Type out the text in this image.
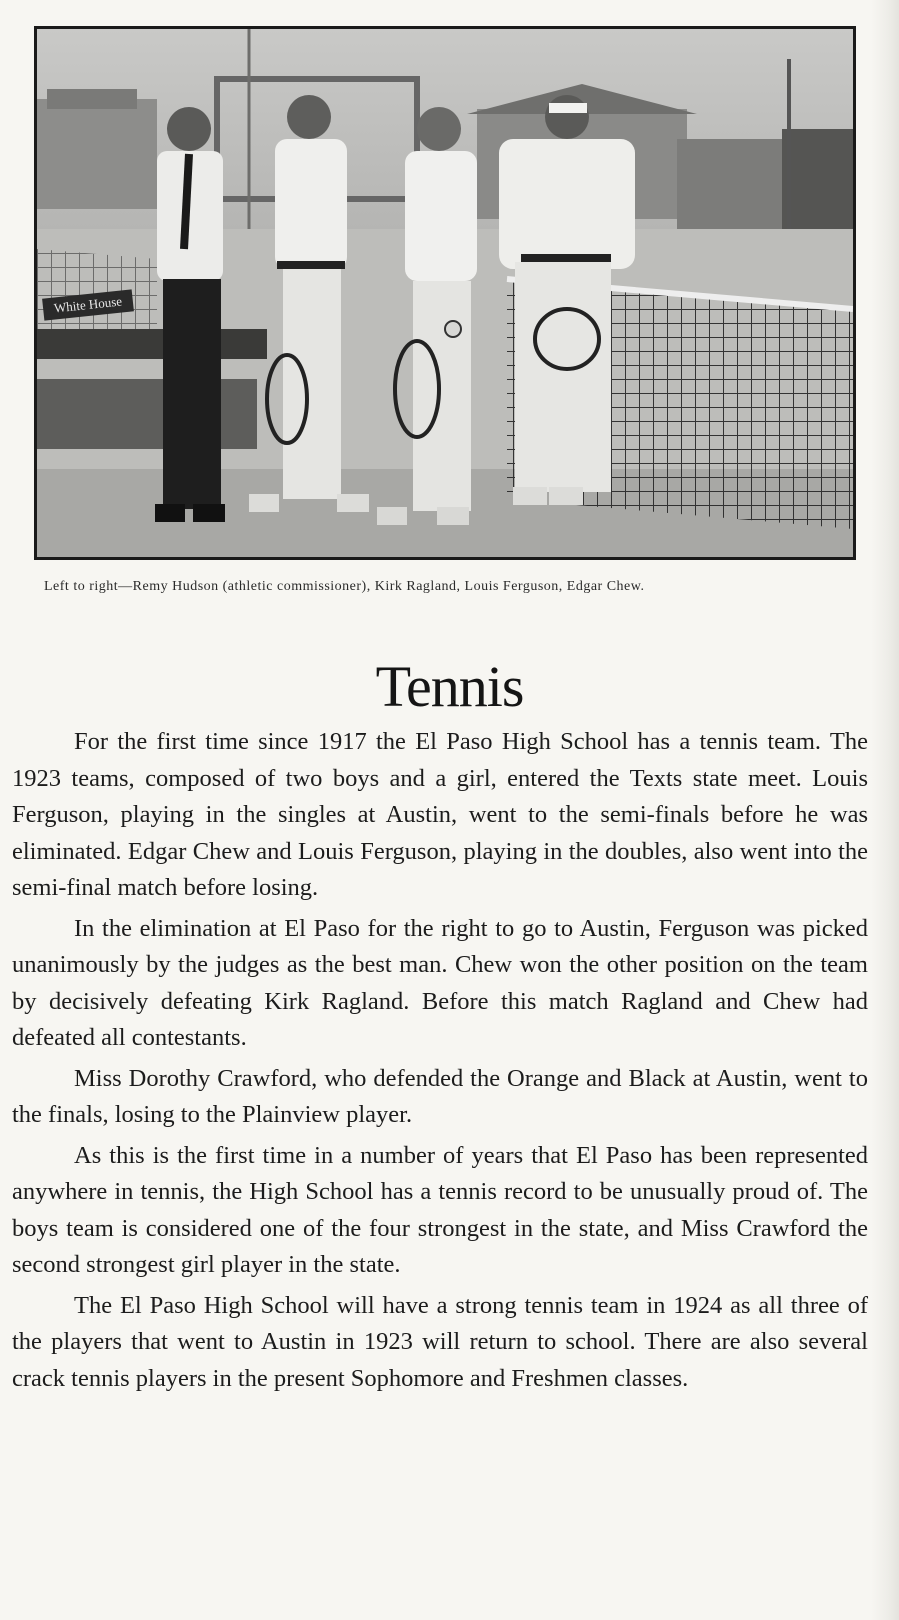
White House
Left to right—Remy Hudson (athletic commissioner), Kirk Ragland, Louis Ferguson, Edgar Chew.
Tennis

For the first time since 1917 the El Paso High School has a tennis team. The 1923 teams, composed of two boys and a girl, entered the Texts state meet. Louis Ferguson, playing in the singles at Austin, went to the semi-finals before he was eliminated. Edgar Chew and Louis Ferguson, playing in the doubles, also went into the semi-final match before losing.

In the elimination at El Paso for the right to go to Austin, Ferguson was picked unanimously by the judges as the best man. Chew won the other position on the team by decisively defeating Kirk Ragland. Before this match Ragland and Chew had defeated all contestants.

Miss Dorothy Crawford, who defended the Orange and Black at Austin, went to the finals, losing to the Plainview player.

As this is the first time in a number of years that El Paso has been represented anywhere in tennis, the High School has a tennis record to be unusually proud of. The boys team is considered one of the four strongest in the state, and Miss Crawford the second strongest girl player in the state.

The El Paso High School will have a strong tennis team in 1924 as all three of the players that went to Austin in 1923 will return to school. There are also several crack tennis players in the present Sophomore and Freshmen classes.
